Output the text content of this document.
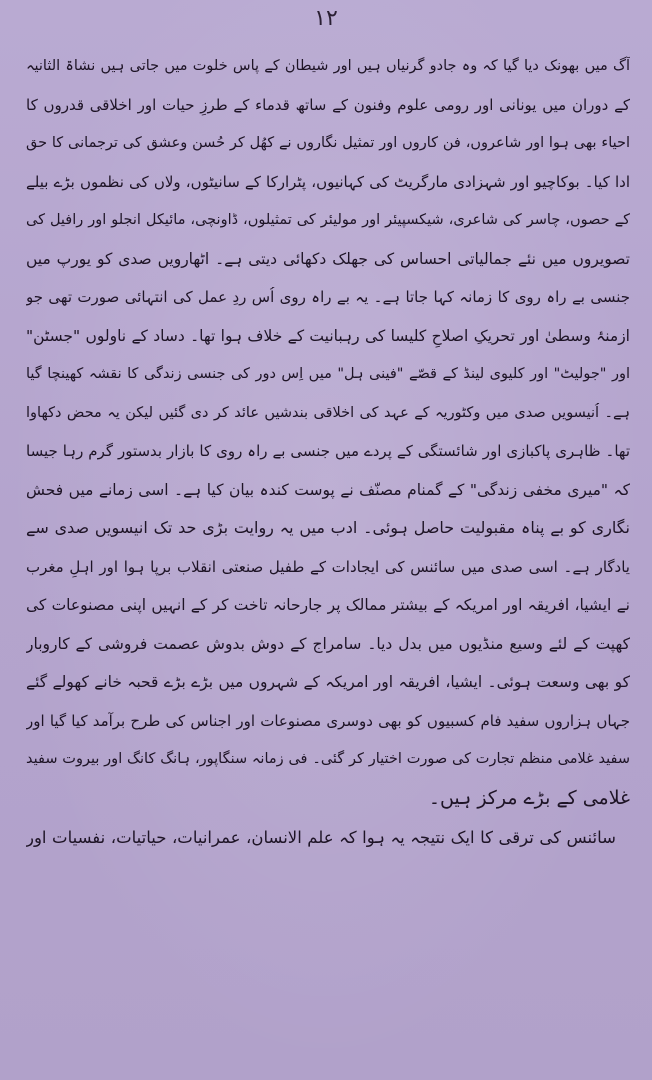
۱۲
آگ میں بھونک دیا گیا کہ وہ جادو گرنیاں ہیں اور شیطان کے پاس خلوت میں جاتی ہیں نشاۃ الثانیہ
کے دوران میں یونانی اور رومی علوم وفنون کے ساتھ قدماء کے طرزِ حیات اور اخلاقی قدروں کا
احیاء بھی ہوا اور شاعروں، فن کاروں اور تمثیل نگاروں نے کھُل کر حُسن وعشق کی ترجمانی کا حق
ادا کیا۔ بوکاچیو اور شہزادی مارگریٹ کی کہانیوں، پٹرارکا کے سانیٹوں، ولاں کی نظموں بڑے بیلے
کے حصوں، چاسر کی شاعری، شیکسپیئر اور مولیئر کی تمثیلوں، ڈاونچی، مائیکل انجلو اور رافیل کی
تصویروں میں نئے جمالیاتی احساس کی جھلک دکھائی دیتی ہے۔ اٹھارویں صدی کو یورپ میں
جنسی بے راہ روی کا زمانہ کہا جاتا ہے۔ یہ بے راہ روی اُس ردِ عمل کی انتہائی صورت تھی جو
ازمنۂ وسطیٰ اور تحریکِ اصلاحِ کلیسا کی رہبانیت کے خلاف ہوا تھا۔ دساد کے ناولوں "جسٹن"
اور "جولیٹ" اور کلیوی لینڈ کے قصّے "فینی ہل" میں اِس دور کی جنسی زندگی کا نقشہ کھینچا گیا
ہے۔ اُنیسویں صدی میں وکٹوریہ کے عہد کی اخلاقی بندشیں عائد کر دی گئیں لیکن یہ محض دکھاوا
تھا۔ ظاہری پاکبازی اور شائستگی کے پردے میں جنسی بے راہ روی کا بازار بدستور گرم رہا جیسا
کہ "میری مخفی زندگی" کے گمنام مصنّف نے پوست کندہ بیان کیا ہے۔ اسی زمانے میں فحش
نگاری کو بے پناہ مقبولیت حاصل ہوئی۔ ادب میں یہ روایت بڑی حد تک انیسویں صدی سے
یادگار ہے۔ اسی صدی میں سائنس کی ایجادات کے طفیل صنعتی انقلاب برپا ہوا اور اہلِ مغرب
نے ایشیا، افریقہ اور امریکہ کے بیشتر ممالک پر جارحانہ تاخت کر کے انہیں اپنی مصنوعات کی
کھپت کے لئے وسیع منڈیوں میں بدل دیا۔ سامراج کے دوش بدوش عصمت فروشی کے کاروبار
کو بھی وسعت ہوئی۔ ایشیا، افریقہ اور امریکہ کے شہروں میں بڑے بڑے قحبہ خانے کھولے گئے
جہاں ہزاروں سفید فام کسبیوں کو بھی دوسری مصنوعات اور اجناس کی طرح برآمد کیا گیا اور
سفید غلامی منظم تجارت کی صورت اختیار کر گئی۔ فی زمانہ سنگاپور، ہانگ کانگ اور بیروت سفید
غلامی کے بڑے مرکز ہیں۔
سائنس کی ترقی کا ایک نتیجہ یہ ہوا کہ علم الانسان، عمرانیات، حیاتیات، نفسیات اور
